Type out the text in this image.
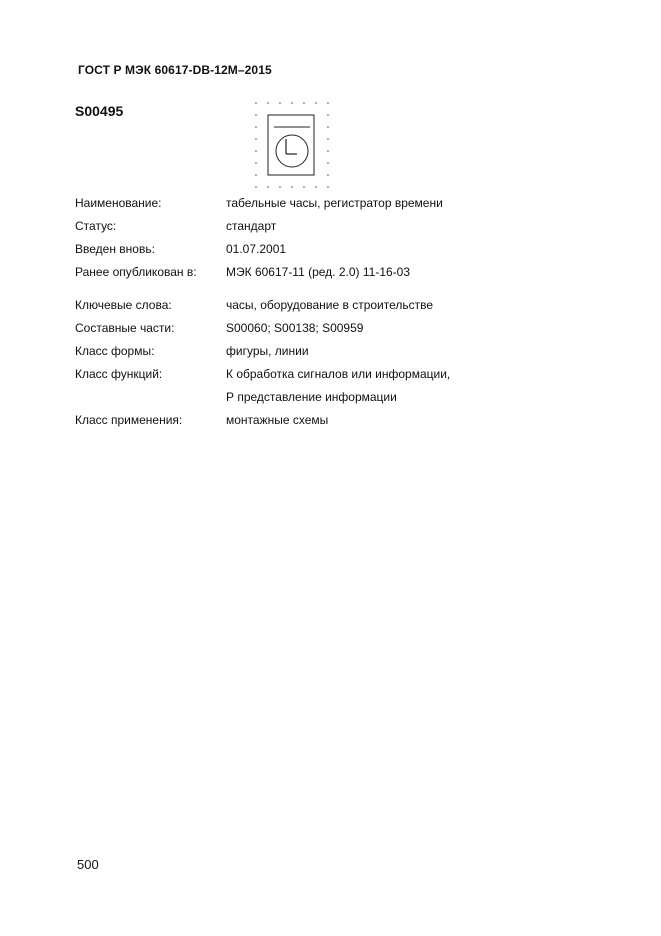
ГОСТ Р МЭК 60617-DB-12M–2015
S00495
Наименование:	табельные часы, регистратор времени
Статус:	стандарт
Введен вновь:	01.07.2001
Ранее опубликован в: МЭК 60617-11 (ред. 2.0) 11-16-03
Ключевые слова:	часы, оборудование в строительстве
Составные части:	S00060; S00138; S00959
Класс формы:	фигуры, линии
Класс функций:	К обработка сигналов или информации,
Р представление информации
Класс применения:	монтажные схемы
500
